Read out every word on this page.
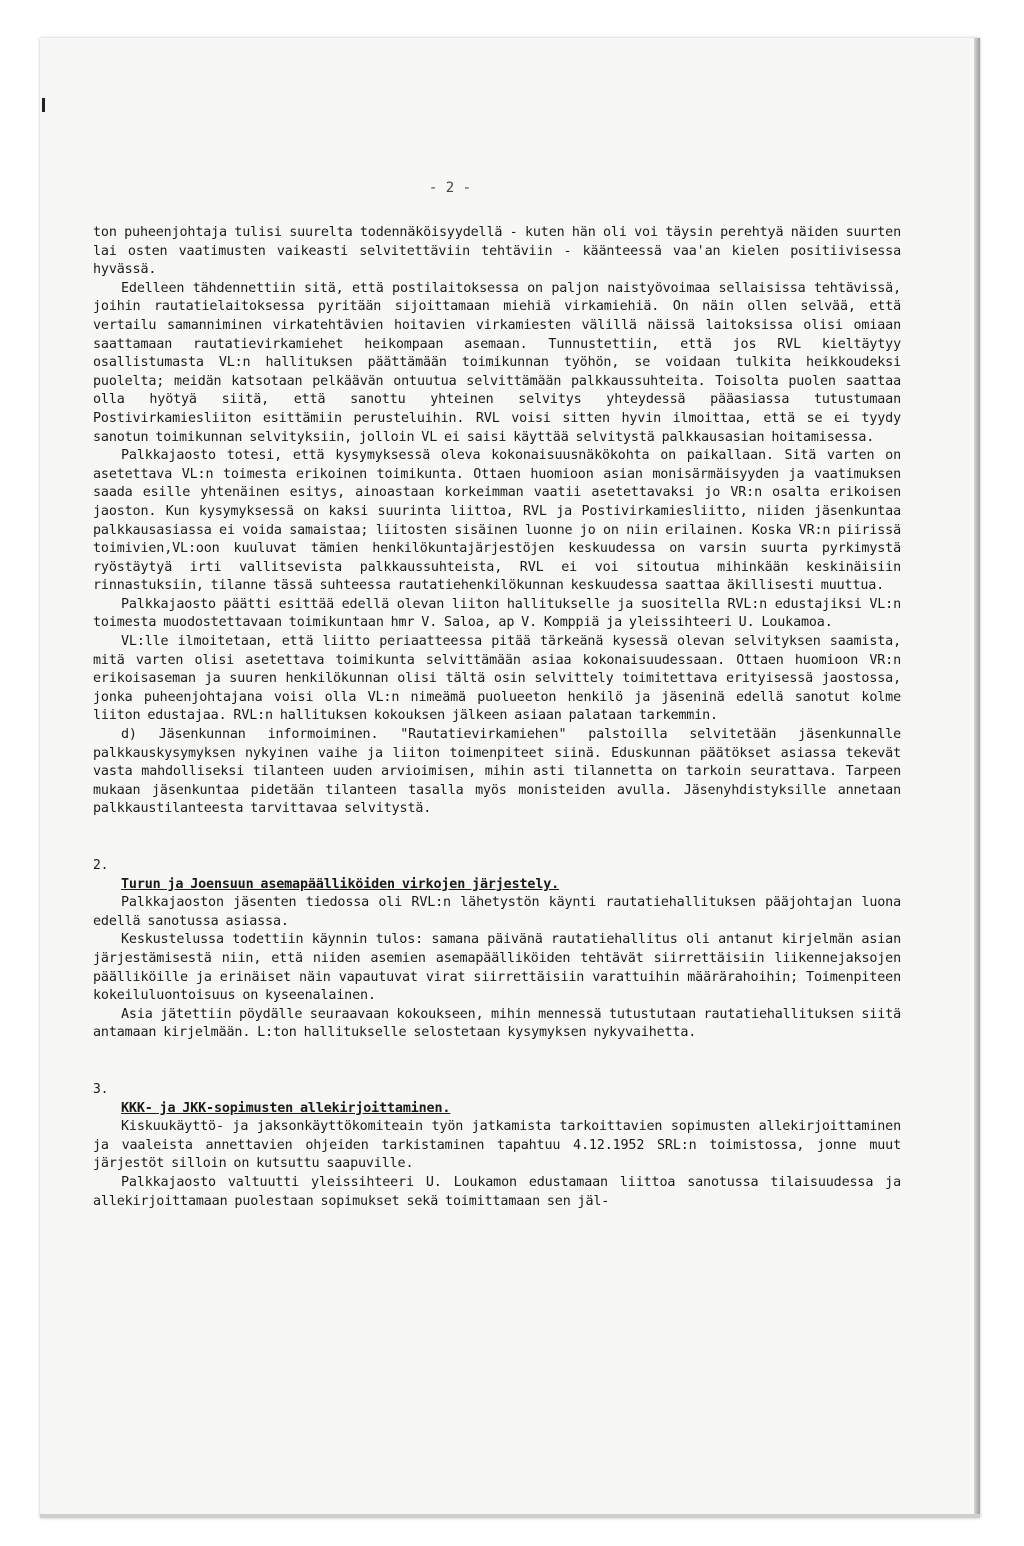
- 2 -

ton puheenjohtaja tulisi suurelta todennäköisyydellä - kuten hän oli voi täysin perehtyä näiden suurten lai osten vaatimusten vaikeasti selvitettäviin tehtäviin - käänteessä vaa'an kielen positiivisessa hyvässä.

Edelleen tähdennettiin sitä, että postilaitoksessa on paljon naistyövoimaa sellaisissa tehtävissä, joihin rautatielaitoksessa pyritään sijoittamaan miehiä virkamiehiä. On näin ollen selvää, että vertailu samanniminen virkatehtävien hoitavien virkamiesten välillä näissä laitoksissa olisi omiaan saattamaan rautatievirkamiehet heikompaan asemaan. Tunnustettiin, että jos RVL kieltäytyy osallistumasta VL:n hallituksen päättämään toimikunnan työhön, se voidaan tulkita heikkoudeksi puolelta; meidän katsotaan pelkäävän ontuutua selvittämään palkkaussuhteita. Toisolta puolen saattaa olla hyötyä siitä, että sanottu yhteinen selvitys yhteydessä pääasiassa tutustumaan Postivirkamiesliiton esittämiin perusteluihin. RVL voisi sitten hyvin ilmoittaa, että se ei tyydy sanotun toimikunnan selvityksiin, jolloin VL ei saisi käyttää selvitystä palkkausasian hoitamisessa.

Palkkajaosto totesi, että kysymyksessä oleva kokonaisuusnäkökohta on paikallaan. Sitä varten on asetettava VL:n toimesta erikoinen toimikunta. Ottaen huomioon asian monisärmäisyyden ja vaatimuksen saada esille yhtenäinen esitys, ainoastaan korkeimman vaatii asetettavaksi jo VR:n osalta erikoisen jaoston. Kun kysymyksessä on kaksi suurinta liittoa, RVL ja Postivirkamiesliitto, niiden jäsenkuntaa palkkausasiassa ei voida samaistaa; liitosten sisäinen luonne jo on niin erilainen. Koska VR:n piirissä toimivien,VL:oon kuuluvat tämien henkilökuntajärjestöjen keskuudessa on varsin suurta pyrkimystä ryöstäytyä irti vallitsevista palkkaussuhteista, RVL ei voi sitoutua mihinkään keskinäisiin rinnastuksiin, tilanne tässä suhteessa rautatiehenkilökunnan keskuudessa saattaa äkillisesti muuttua.

Palkkajaosto päätti esittää edellä olevan liiton hallitukselle ja suositella RVL:n edustajiksi VL:n toimesta muodostettavaan toimikuntaan hmr V. Saloa, ap V. Komppiä ja yleissihteeri U. Loukamoa.

VL:lle ilmoitetaan, että liitto periaatteessa pitää tärkeänä kysessä olevan selvityksen saamista, mitä varten olisi asetettava toimikunta selvittämään asiaa kokonaisuudessaan. Ottaen huomioon VR:n erikoisaseman ja suuren henkilökunnan olisi tältä osin selvittely toimitettava erityisessä jaostossa, jonka puheenjohtajana voisi olla VL:n nimeämä puolueeton henkilö ja jäseninä edellä sanotut kolme liiton edustajaa. RVL:n hallituksen kokouksen jälkeen asiaan palataan tarkemmin.

d) Jäsenkunnan informoiminen. "Rautatievirkamiehen" palstoilla selvitetään jäsenkunnalle palkkauskysymyksen nykyinen vaihe ja liiton toimenpiteet siinä. Eduskunnan päätökset asiassa tekevät vasta mahdolliseksi tilanteen uuden arvioimisen, mihin asti tilannetta on tarkoin seurattava. Tarpeen mukaan jäsenkuntaa pidetään tilanteen tasalla myös monisteiden avulla. Jäsenyhdistyksille annetaan palkkaustilanteesta tarvittavaa selvitystä.

2.

Turun ja Joensuun asemapäälliköiden virkojen järjestely.

Palkkajaoston jäsenten tiedossa oli RVL:n lähetystön käynti rautatiehallituksen pääjohtajan luona edellä sanotussa asiassa.

Keskustelussa todettiin käynnin tulos: samana päivänä rautatiehallitus oli antanut kirjelmän asian järjestämisestä niin, että niiden asemien asemapäälliköiden tehtävät siirrettäisiin liikennejaksojen päälliköille ja erinäiset näin vapautuvat virat siirrettäisiin varattuihin määrärahoihin; Toimenpiteen kokeiluluontoisuus on kyseenalainen.

Asia jätettiin pöydälle seuraavaan kokoukseen, mihin mennessä tutustutaan rautatiehallituksen siitä antamaan kirjelmään. L:ton hallitukselle selostetaan kysymyksen nykyvaihetta.

3.

KKK- ja JKK-sopimusten allekirjoittaminen.

Kiskuukäyttö- ja jaksonkäyttökomiteain työn jatkamista tarkoittavien sopimusten allekirjoittaminen ja vaaleista annettavien ohjeiden tarkistaminen tapahtuu 4.12.1952 SRL:n toimistossa, jonne muut järjestöt silloin on kutsuttu saapuville.

Palkkajaosto valtuutti yleissihteeri U. Loukamon edustamaan liittoa sanotussa tilaisuudessa ja allekirjoittamaan puolestaan sopimukset sekä toimittamaan sen jäl-
